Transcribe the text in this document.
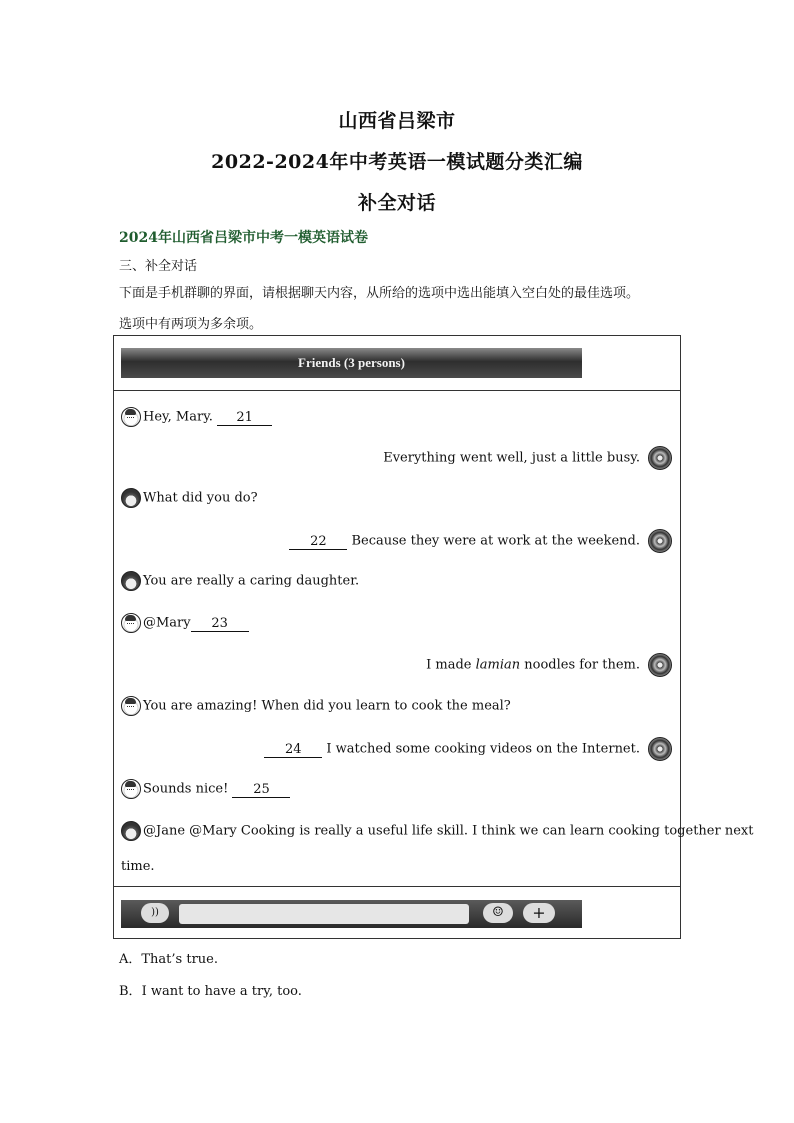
山西省吕梁市
2022-2024年中考英语一模试题分类汇编
补全对话
2024年山西省吕梁市中考一模英语试卷
三、补全对话
下面是手机群聊的界面，请根据聊天内容，从所给的选项中选出能填入空白处的最佳选项。
选项中有两项为多余项。
Friends (3 persons)
Hey, Mary. 21
Everything went well, just a little busy.
What did you do?
22 Because they were at work at the weekend.
You are really a caring daughter.
@Mary 23
I made lamian noodles for them.
You are amazing! When did you learn to cook the meal?
24 I watched some cooking videos on the Internet.
Sounds nice! 25
@Jane @Mary Cooking is really a useful life skill. I think we can learn cooking together next
time.
))	☺	+
A．That’s true.
B．I want to have a try, too.
